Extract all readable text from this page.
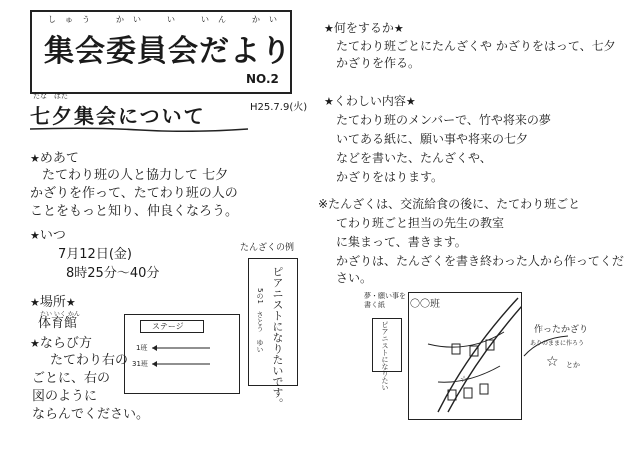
しゅう　かい　い　いん　かい
集会委員会だより
NO.2
H25.7.9(火)
たな　ばた
七夕集会について
★めあて
たてわり班の人と協力して 七夕
かざりを作って、たてわり班の人の
ことをもっと知り、仲良くなろう。
★いつ
7月12日(金)
8時25分〜40分
★場所★
たい いく かん
体育館
★ならび方
たてわり右の
ごとに、右の
図のように
ならんでください。
ステージ
1班
31班
たんざくの例
ピアニストになりたいです。
5の1　さとう　ゆい
★何をするか★
たてわり班ごとにたんざくや かざりをはって、七夕かざりを作る。
★くわしい内容★
たてわり班のメンバーで、竹や将来の夢
いてある紙に、願い事や将来の七夕
などを書いた、たんざくや、
かざりをはります。
※たんざくは、交流給食の後に、たてわり班ごと
てわり班ごと担当の先生の教室
に集まって、書きます。
かざりは、たんざくを書き終わった人から作ってください。
〇〇班
☆
夢・願い事を書く紙
ピアニストになりたい	作ったかざり
ありのままに作ろう
☆ とか
